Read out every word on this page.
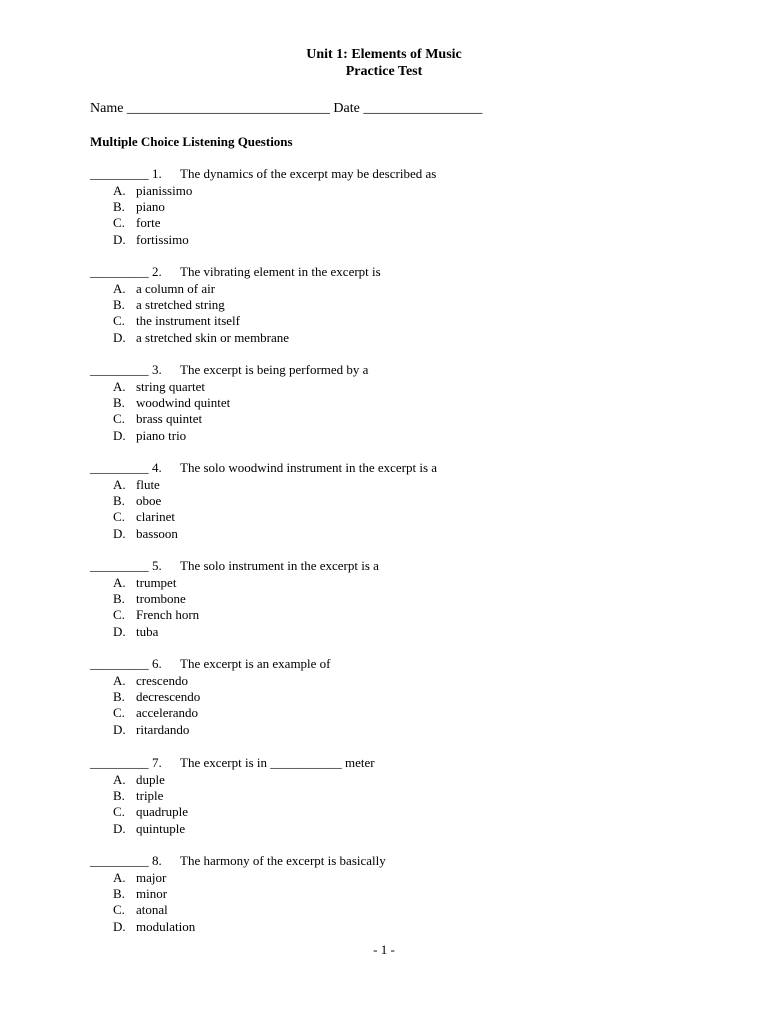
Unit 1: Elements of Music
Practice Test
Name _____________________________ Date _________________
Multiple Choice Listening Questions
_________ 1. The dynamics of the excerpt may be described as
A. pianissimo
B. piano
C. forte
D. fortissimo
_________ 2. The vibrating element in the excerpt is
A. a column of air
B. a stretched string
C. the instrument itself
D. a stretched skin or membrane
_________ 3. The excerpt is being performed by a
A. string quartet
B. woodwind quintet
C. brass quintet
D. piano trio
_________ 4. The solo woodwind instrument in the excerpt is a
A. flute
B. oboe
C. clarinet
D. bassoon
_________ 5. The solo instrument in the excerpt is a
A. trumpet
B. trombone
C. French horn
D. tuba
_________ 6. The excerpt is an example of
A. crescendo
B. decrescendo
C. accelerando
D. ritardando
_________ 7. The excerpt is in ___________ meter
A. duple
B. triple
C. quadruple
D. quintuple
_________ 8. The harmony of the excerpt is basically
A. major
B. minor
C. atonal
D. modulation
- 1 -
